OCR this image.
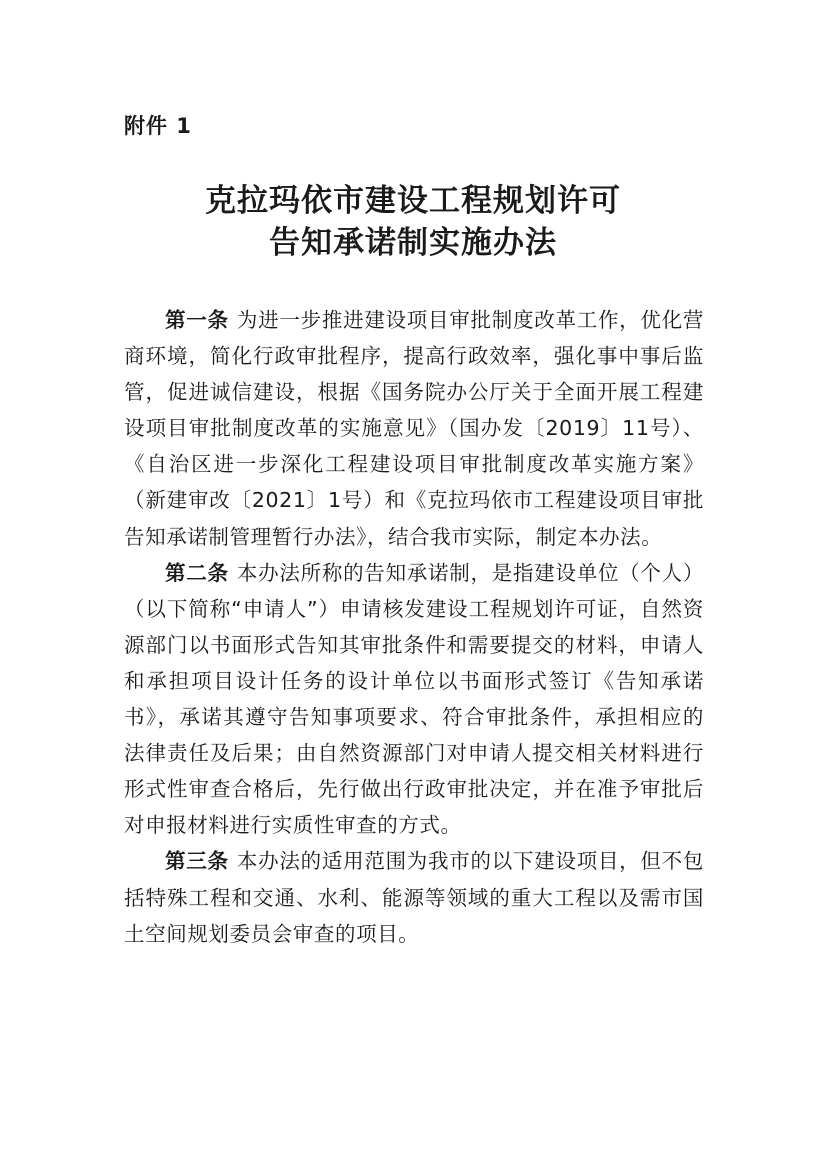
附件 1
克拉玛依市建设工程规划许可
告知承诺制实施办法

第一条 为进一步推进建设项目审批制度改革工作，优化营商环境，简化行政审批程序，提高行政效率，强化事中事后监管，促进诚信建设，根据《国务院办公厅关于全面开展工程建设项目审批制度改革的实施意见》（国办发〔2019〕11号）、《自治区进一步深化工程建设项目审批制度改革实施方案》（新建审改〔2021〕1号）和《克拉玛依市工程建设项目审批告知承诺制管理暂行办法》，结合我市实际，制定本办法。

第二条 本办法所称的告知承诺制，是指建设单位（个人）（以下简称“申请人”）申请核发建设工程规划许可证，自然资源部门以书面形式告知其审批条件和需要提交的材料，申请人和承担项目设计任务的设计单位以书面形式签订《告知承诺书》，承诺其遵守告知事项要求、符合审批条件，承担相应的法律责任及后果；由自然资源部门对申请人提交相关材料进行形式性审查合格后，先行做出行政审批决定，并在准予审批后对申报材料进行实质性审查的方式。

第三条 本办法的适用范围为我市的以下建设项目，但不包括特殊工程和交通、水利、能源等领域的重大工程以及需市国土空间规划委员会审查的项目。
